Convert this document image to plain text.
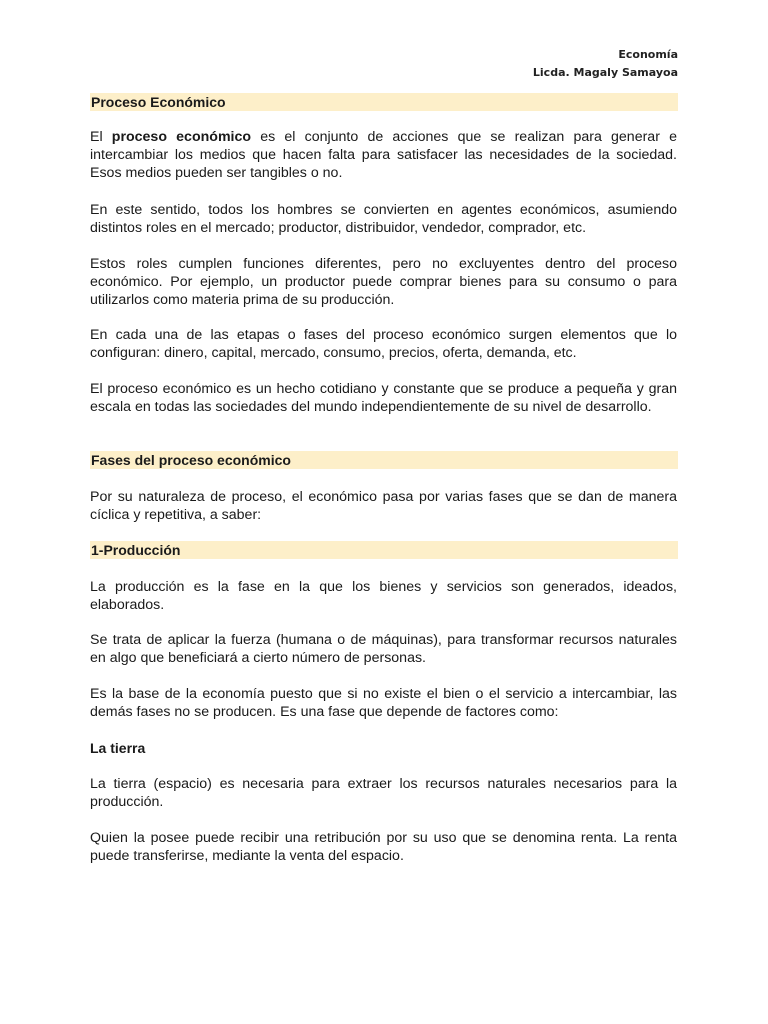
Economía
Licda. Magaly Samayoa
Proceso Económico

El proceso económico es el conjunto de acciones que se realizan para generar e intercambiar los medios que hacen falta para satisfacer las necesidades de la sociedad. Esos medios pueden ser tangibles o no.

En este sentido, todos los hombres se convierten en agentes económicos, asumiendo distintos roles en el mercado; productor, distribuidor, vendedor, comprador, etc.

Estos roles cumplen funciones diferentes, pero no excluyentes dentro del proceso económico. Por ejemplo, un productor puede comprar bienes para su consumo o para utilizarlos como materia prima de su producción.

En cada una de las etapas o fases del proceso económico surgen elementos que lo configuran: dinero, capital, mercado, consumo, precios, oferta, demanda, etc.

El proceso económico es un hecho cotidiano y constante que se produce a pequeña y gran escala en todas las sociedades del mundo independientemente de su nivel de desarrollo.

Fases del proceso económico

Por su naturaleza de proceso, el económico pasa por varias fases que se dan de manera cíclica y repetitiva, a saber:

1-Producción

La producción es la fase en la que los bienes y servicios son generados, ideados, elaborados.

Se trata de aplicar la fuerza (humana o de máquinas), para transformar recursos naturales en algo que beneficiará a cierto número de personas.

Es la base de la economía puesto que si no existe el bien o el servicio a intercambiar, las demás fases no se producen. Es una fase que depende de factores como:

La tierra

La tierra (espacio) es necesaria para extraer los recursos naturales necesarios para la producción.

Quien la posee puede recibir una retribución por su uso que se denomina renta. La renta puede transferirse, mediante la venta del espacio.
